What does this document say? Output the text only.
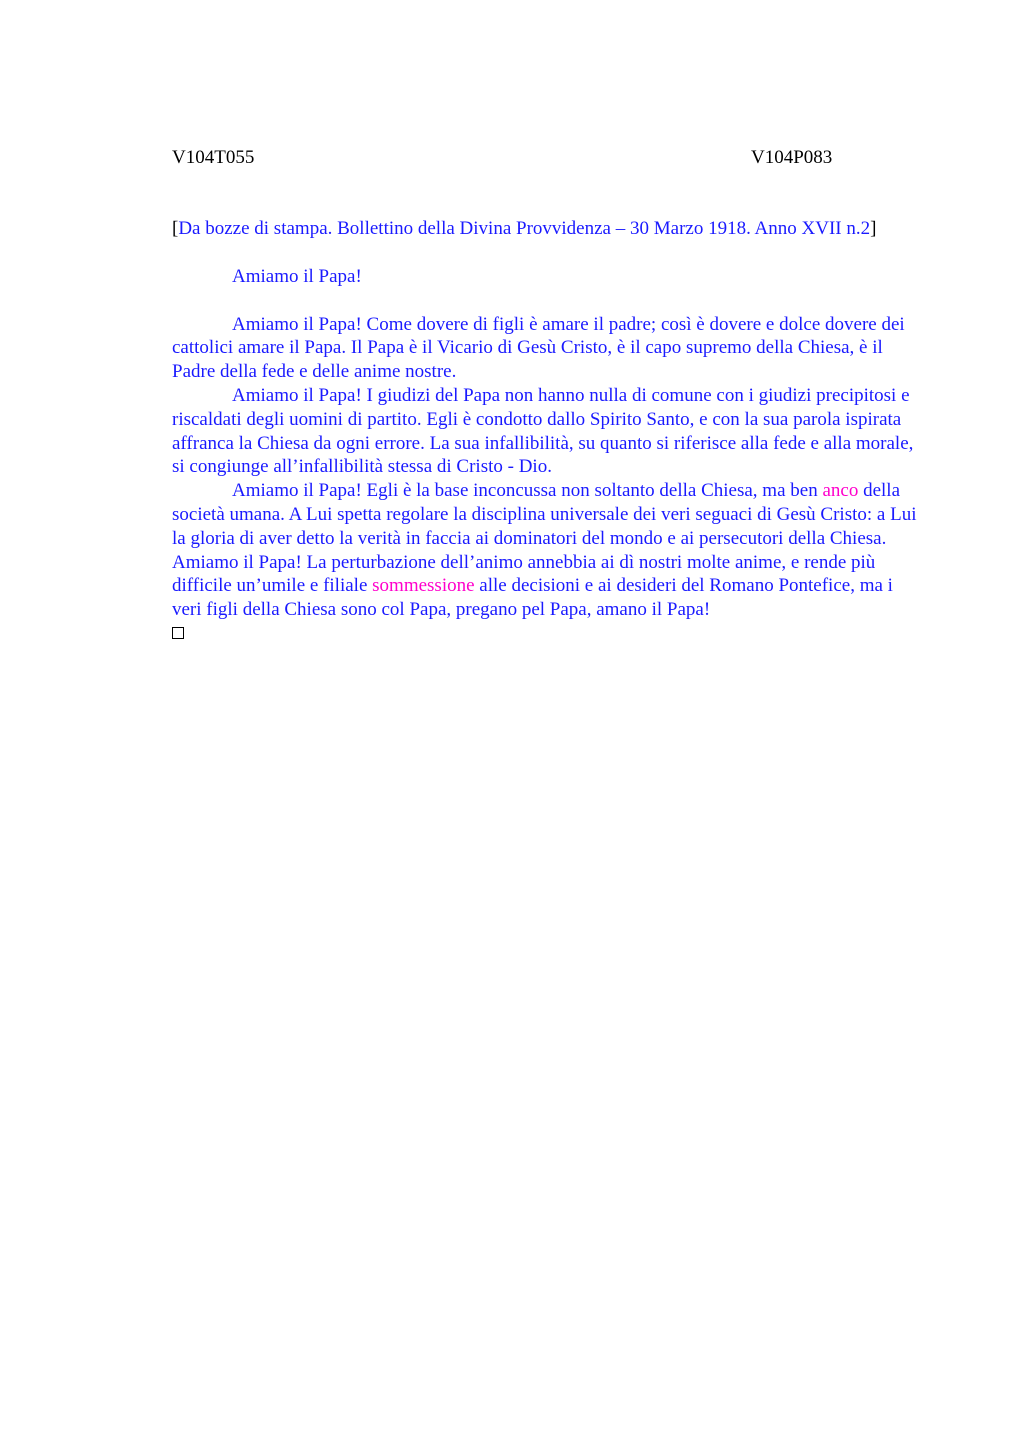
V104T055	V104P083

[Da bozze di stampa. Bollettino della Divina Provvidenza – 30 Marzo 1918. Anno XVII n.2]

Amiamo il Papa!

Amiamo il Papa! Come dovere di figli è amare il padre; così è dovere e dolce dovere dei cattolici amare il Papa. Il Papa è il Vicario di Gesù Cristo, è il capo supremo della Chiesa, è il Padre della fede e delle anime nostre.

Amiamo il Papa! I giudizi del Papa non hanno nulla di comune con i giudizi precipitosi e riscaldati degli uomini di partito. Egli è condotto dallo Spirito Santo, e con la sua parola ispirata affranca la Chiesa da ogni errore. La sua infallibilità, su quanto si riferisce alla fede e alla morale, si congiunge all’infallibilità stessa di Cristo - Dio.

Amiamo il Papa! Egli è la base inconcussa non soltanto della Chiesa, ma ben anco della società umana. A Lui spetta regolare la disciplina universale dei veri seguaci di Gesù Cristo: a Lui la gloria di aver detto la verità in faccia ai dominatori del mondo e ai persecutori della Chiesa. Amiamo il Papa! La perturbazione dell’animo annebbia ai dì nostri molte anime, e rende più difficile un’umile e filiale sommessione alle decisioni e ai desideri del Romano Pontefice, ma i veri figli della Chiesa sono col Papa, pregano pel Papa, amano il Papa!
